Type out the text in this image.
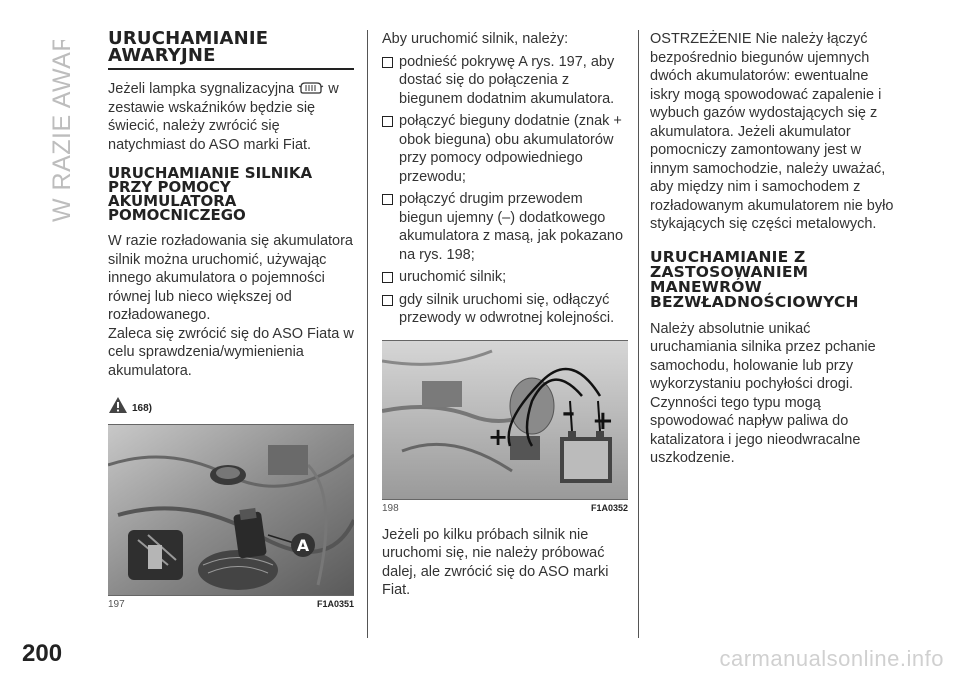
W RAZIE AWARII URUCHAMIANIE AWARYJNE

Jeżeli lampka sygnalizacyjna w zestawie wskaźników będzie się świecić, należy zwrócić się natychmiast do ASO marki Fiat.

URUCHAMIANIE SILNIKA PRZY POMOCY AKUMULATORA POMOCNICZEGO

W razie rozładowania się akumulatora silnik można uruchomić, używając innego akumulatora o pojemności równej lub nieco większej od rozładowanego.

Zaleca się zwrócić się do ASO Fiata w celu sprawdzenia/wymienienia akumulatora.

168)
A
197	F1A0351

Aby uruchomić silnik, należy:

podnieść pokrywę A rys. 197, aby dostać się do połączenia z biegunem dodatnim akumulatora.

połączyć bieguny dodatnie (znak + obok bieguna) obu akumulatorów przy pomocy odpowiedniego przewodu;

połączyć drugim przewodem biegun ujemny (–) dodatkowego akumulatora z masą, jak pokazano na rys. 198;

uruchomić silnik;

gdy silnik uruchomi się, odłączyć przewody w odwrotnej kolejności.

– +
+
198	F1A0352

Jeżeli po kilku próbach silnik nie uruchomi się, nie należy próbować dalej, ale zwrócić się do ASO marki Fiat.

OSTRZEŻENIE Nie należy łączyć bezpośrednio biegunów ujemnych dwóch akumulatorów: ewentualne iskry mogą spowodować zapalenie i wybuch gazów wydostających się z akumulatora. Jeżeli akumulator pomocniczy zamontowany jest w innym samochodzie, należy uważać, aby między nim i samochodem z rozładowanym akumulatorem nie było stykających się części metalowych.

URUCHAMIANIE Z ZASTOSOWANIEM MANEWRÓW BEZWŁADNOŚCIOWYCH

Należy absolutnie unikać uruchamiania silnika przez pchanie samochodu, holowanie lub przy wykorzystaniu pochyłości drogi. Czynności tego typu mogą spowodować napływ paliwa do katalizatora i jego nieodwracalne uszkodzenie.

200	carmanualsonline.info
